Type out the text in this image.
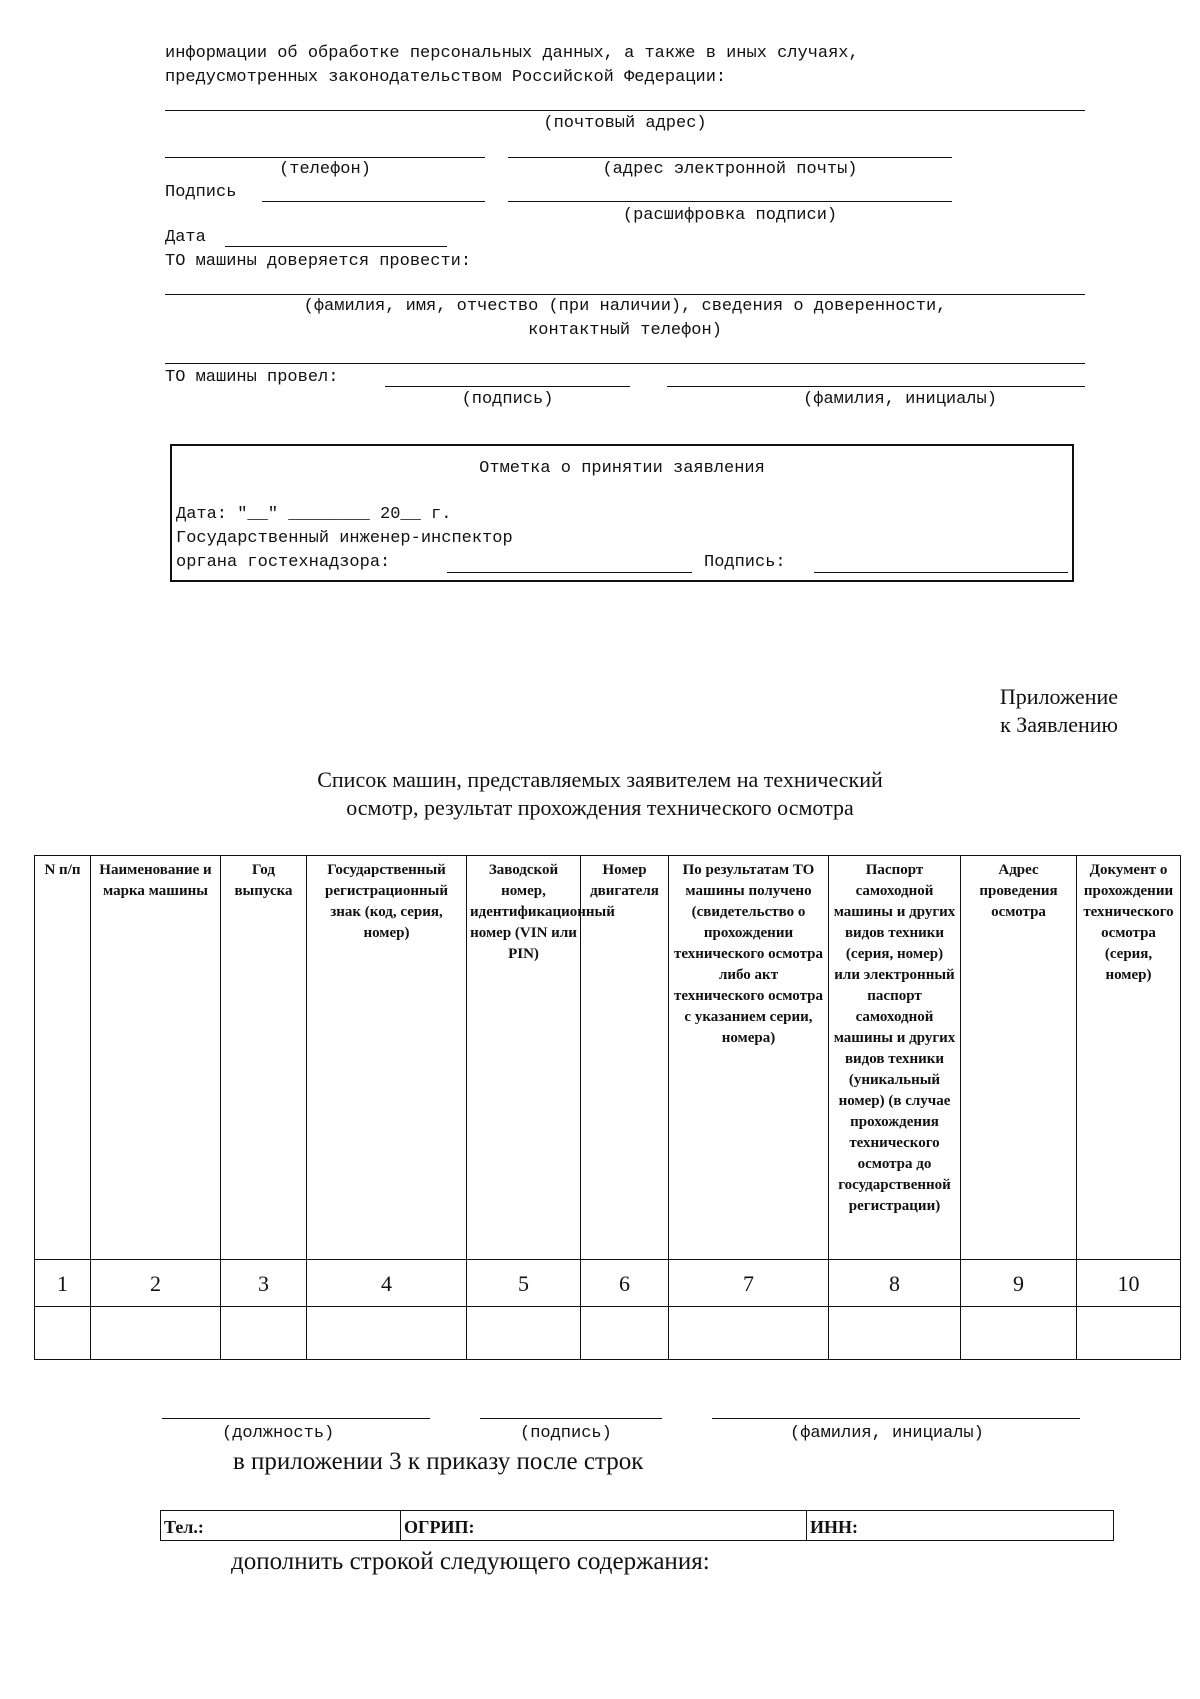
информации об обработке персональных данных, а также в иных случаях,
предусмотренных законодательством Российской Федерации:
(почтовый адрес)
(телефон)	(адрес электронной почты)
Подпись
(расшифровка подписи)
Дата
ТО машины доверяется провести:
(фамилия, имя, отчество (при наличии), сведения о доверенности,
контактный телефон)
ТО машины провел:
(подпись)	(фамилия, инициалы)
Отметка о принятии заявления
Дата: "__" ________ 20__ г.
Государственный инженер-инспектор
органа гостехнадзора:	Подпись:
Приложение
к Заявлению
Список машин, представляемых заявителем на технический
осмотр, результат прохождения технического осмотра
N п/п	Наименование и марка машины	Год выпуска	Государственный регистрационный знак (код, серия, номер)	Заводской номер, идентификационный номер (VIN или PIN)	Номер двигателя	По результатам ТО машины получено (свидетельство о прохождении технического осмотра либо акт технического осмотра с указанием серии, номера)	Паспорт самоходной машины и других видов техники (серия, номер) или электронный паспорт самоходной машины и других видов техники (уникальный номер) (в случае прохождения технического осмотра до государственной регистрации)	Адрес проведения осмотра	Документ о прохождении технического осмотра (серия, номер)
1	2	3	4	5	6	7	8	9	10

(должность)	(подпись)	(фамилия, инициалы)
в приложении 3 к приказу после строк
Тел.:	ОГРИП:	ИНН:
дополнить строкой следующего содержания:
